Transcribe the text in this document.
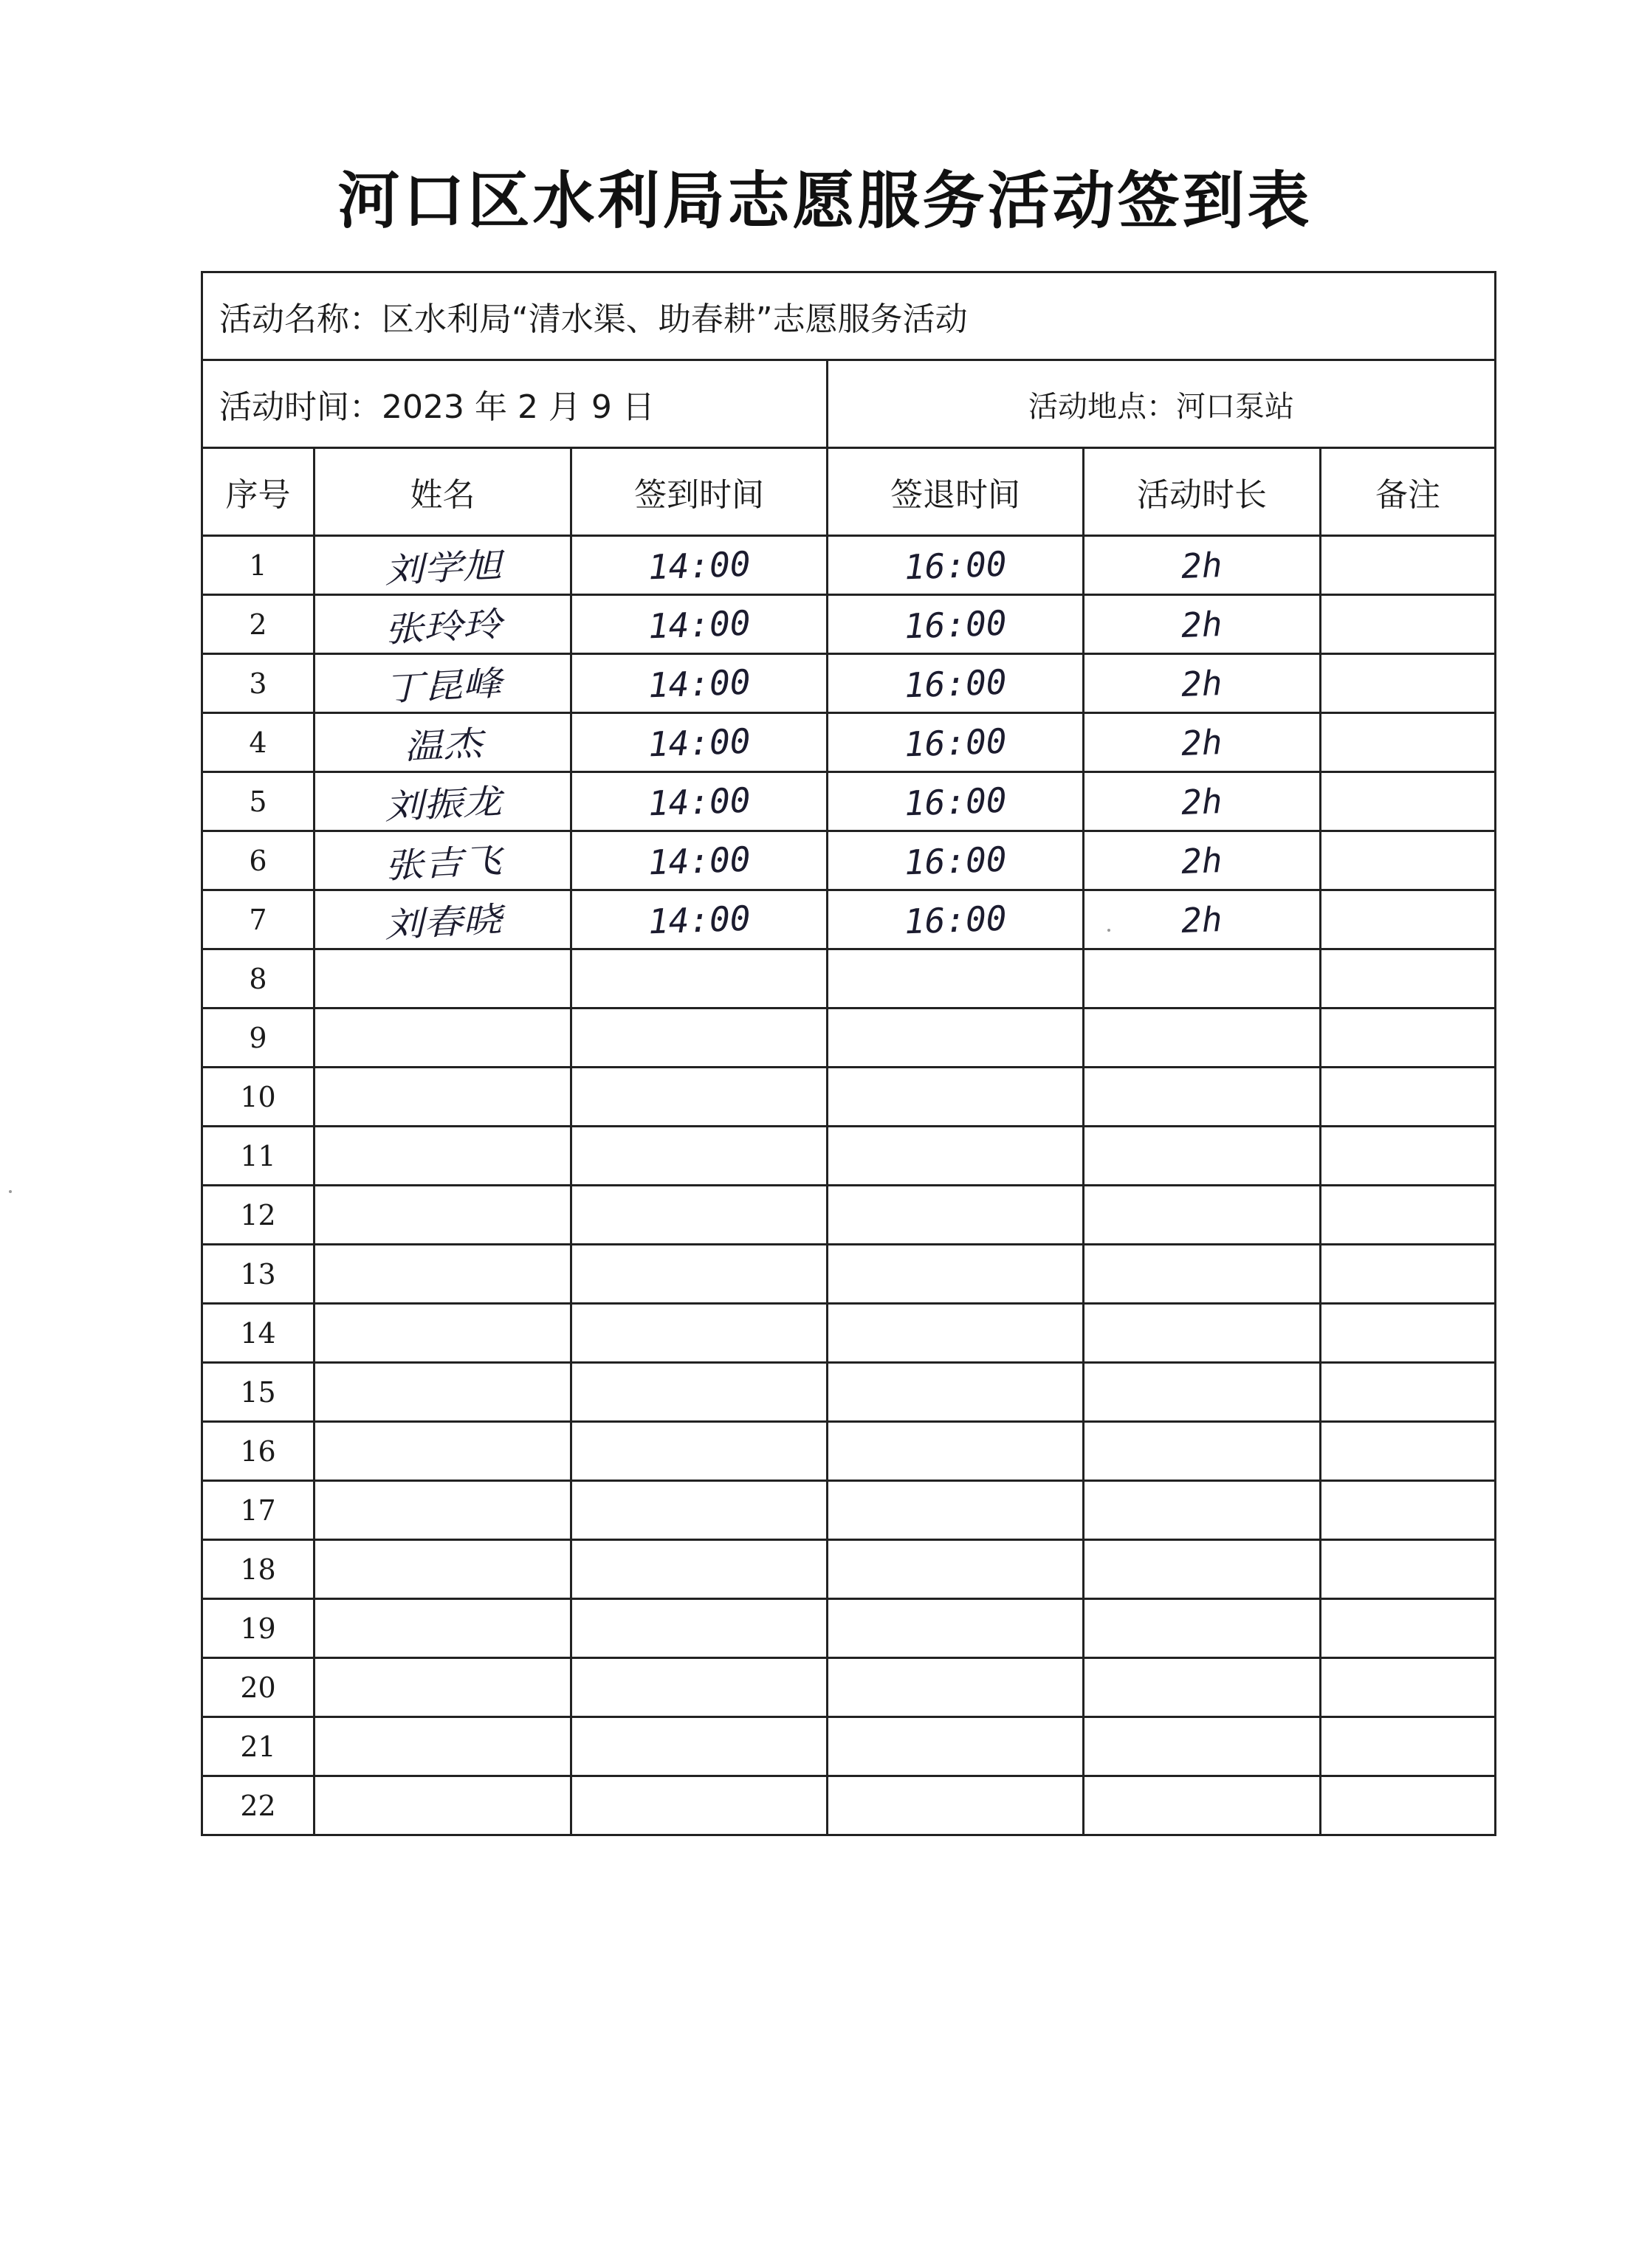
河口区水利局志愿服务活动签到表
活动名称：区水利局“清水渠、助春耕”志愿服务活动					
活动时间：2023 年 2 月 9 日			活动地点：河口泵站		
序号	姓名	签到时间	签退时间	活动时长	备注
1	刘学旭	14:00	16:00	2h	
2	张玲玲	14:00	16:00	2h	
3	丁昆峰	14:00	16:00	2h	
4	温杰	14:00	16:00	2h	
5	刘振龙	14:00	16:00	2h	
6	张吉飞	14:00	16:00	2h	
7	刘春晓	14:00	16:00	2h	
8					
9					
10					
11					
12					
13					
14					
15					
16					
17					
18					
19					
20					
21					
22					
